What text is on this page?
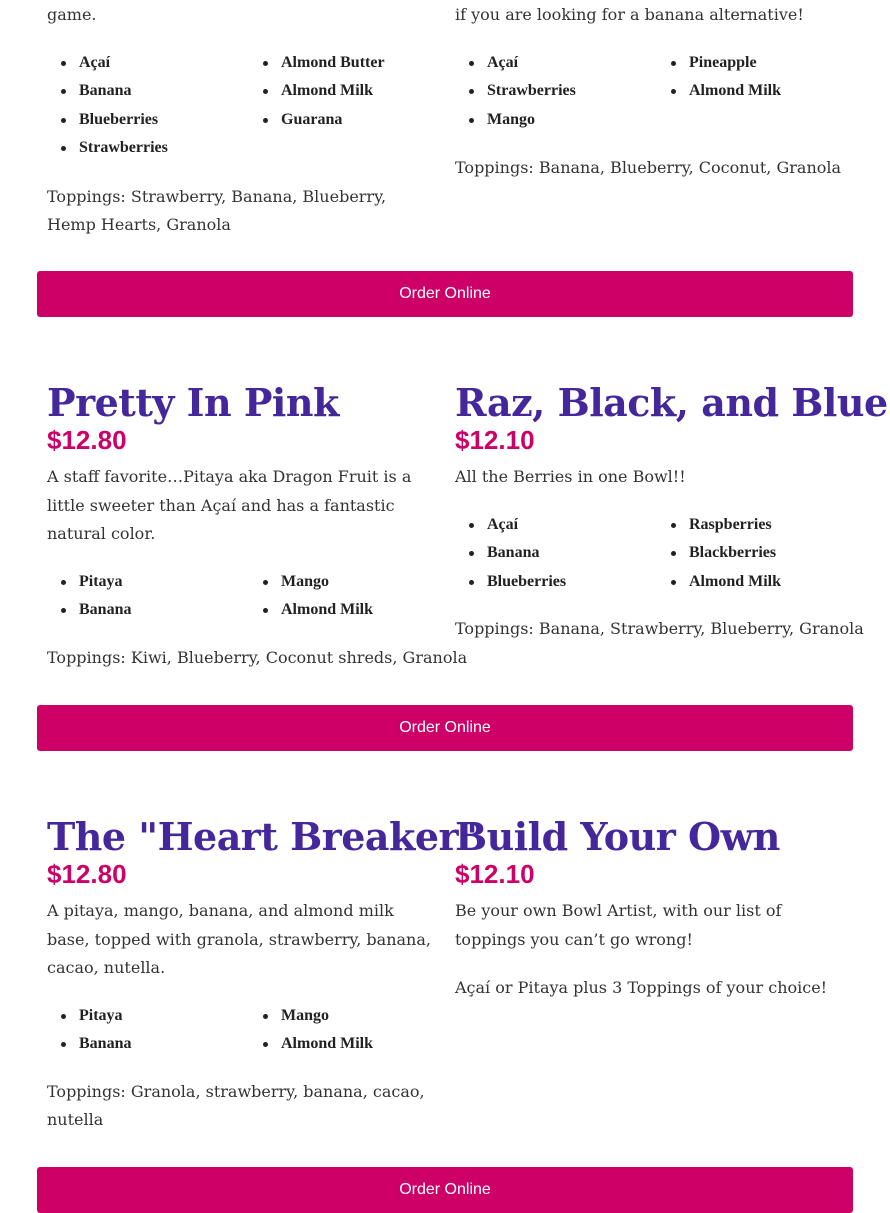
game.

Açaí	Almond Butter
Banana	Almond Milk
Blueberries	Guarana
Strawberries

Toppings: Strawberry, Banana, Blueberry, Hemp Hearts, Granola

if you are looking for a banana alternative!

Açaí	Pineapple
Strawberries	Almond Milk
Mango

Toppings: Banana, Blueberry, Coconut, Granola

Order Online
Pretty In Pink

$12.80

A staff favorite…Pitaya aka Dragon Fruit is a little sweeter than Açaí and has a fantastic natural color.

Pitaya	Mango
Banana	Almond Milk

Toppings: Kiwi, Blueberry, Coconut shreds, Granola

Raz, Black, and Blue

$12.10

All the Berries in one Bowl!!

Açaí	Raspberries
Banana	Blackberries
Blueberries	Almond Milk

Toppings: Banana, Strawberry, Blueberry, Granola

Order Online
The "Heart Breaker"

$12.80

A pitaya, mango, banana, and almond milk base, topped with granola, strawberry, banana, cacao, nutella.

Pitaya	Mango
Banana	Almond Milk

Toppings: Granola, strawberry, banana, cacao, nutella

Build Your Own

$12.10

Be your own Bowl Artist, with our list of toppings you can’t go wrong!

Açaí or Pitaya plus 3 Toppings of your choice!

Order Online
